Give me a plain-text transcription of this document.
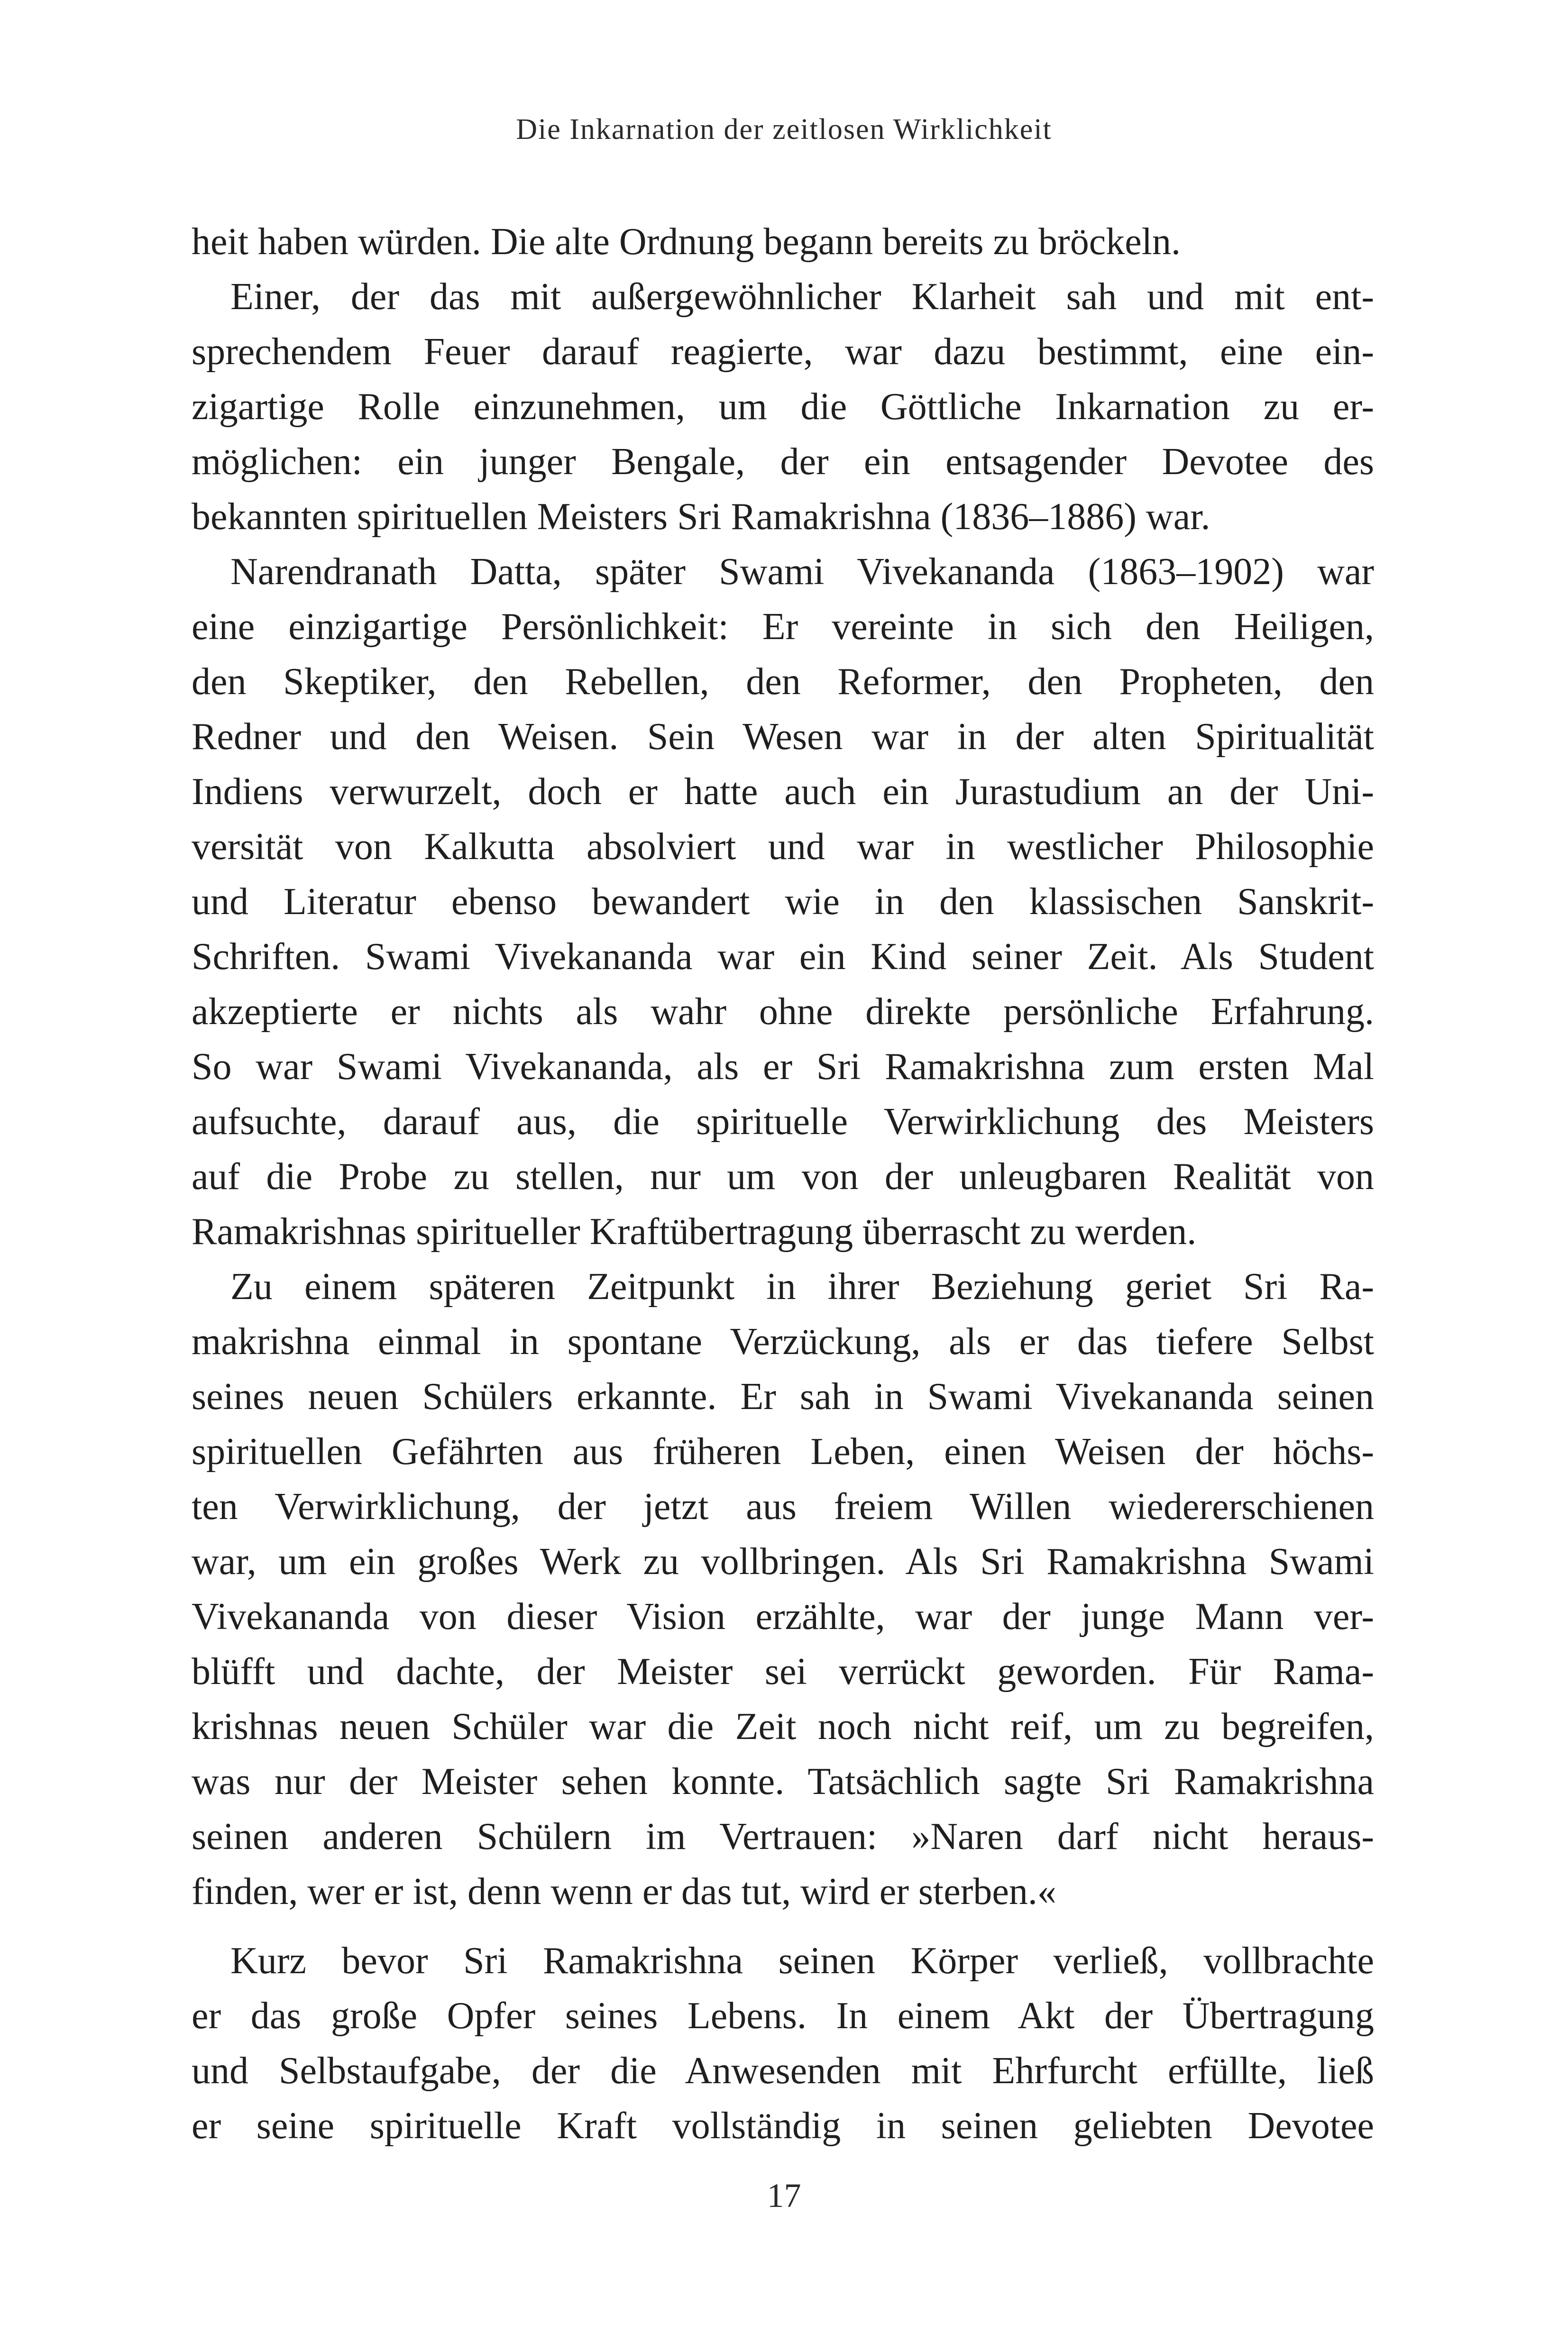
Die Inkarnation der zeitlosen Wirklichkeit
heit haben würden. Die alte Ordnung begann bereits zu bröckeln.
Einer, der das mit außergewöhnlicher Klarheit sah und mit ent-
sprechendem Feuer darauf reagierte, war dazu bestimmt, eine ein-
zigartige Rolle einzunehmen, um die Göttliche Inkarnation zu er-
möglichen: ein junger Bengale, der ein entsagender Devotee des
bekannten spirituellen Meisters Sri Ramakrishna (1836–1886) war.
Narendranath Datta, später Swami Vivekananda (1863–1902) war
eine einzigartige Persönlichkeit: Er vereinte in sich den Heiligen,
den Skeptiker, den Rebellen, den Reformer, den Propheten, den
Redner und den Weisen. Sein Wesen war in der alten Spiritualität
Indiens verwurzelt, doch er hatte auch ein Jurastudium an der Uni-
versität von Kalkutta absolviert und war in westlicher Philosophie
und Literatur ebenso bewandert wie in den klassischen Sanskrit-
Schriften. Swami Vivekananda war ein Kind seiner Zeit. Als Student
akzeptierte er nichts als wahr ohne direkte persönliche Erfahrung.
So war Swami Vivekananda, als er Sri Ramakrishna zum ersten Mal
aufsuchte, darauf aus, die spirituelle Verwirklichung des Meisters
auf die Probe zu stellen, nur um von der unleugbaren Realität von
Ramakrishnas spiritueller Kraftübertragung überrascht zu werden.
Zu einem späteren Zeitpunkt in ihrer Beziehung geriet Sri Ra-
makrishna einmal in spontane Verzückung, als er das tiefere Selbst
seines neuen Schülers erkannte. Er sah in Swami Vivekananda seinen
spirituellen Gefährten aus früheren Leben, einen Weisen der höchs-
ten Verwirklichung, der jetzt aus freiem Willen wiedererschienen
war, um ein großes Werk zu vollbringen. Als Sri Ramakrishna Swami
Vivekananda von dieser Vision erzählte, war der junge Mann ver-
blüfft und dachte, der Meister sei verrückt geworden. Für Rama-
krishnas neuen Schüler war die Zeit noch nicht reif, um zu begreifen,
was nur der Meister sehen konnte. Tatsächlich sagte Sri Ramakrishna
seinen anderen Schülern im Vertrauen: »Naren darf nicht heraus-
finden, wer er ist, denn wenn er das tut, wird er sterben.«
Kurz bevor Sri Ramakrishna seinen Körper verließ, vollbrachte
er das große Opfer seines Lebens. In einem Akt der Übertragung
und Selbstaufgabe, der die Anwesenden mit Ehrfurcht erfüllte, ließ
er seine spirituelle Kraft vollständig in seinen geliebten Devotee
17
